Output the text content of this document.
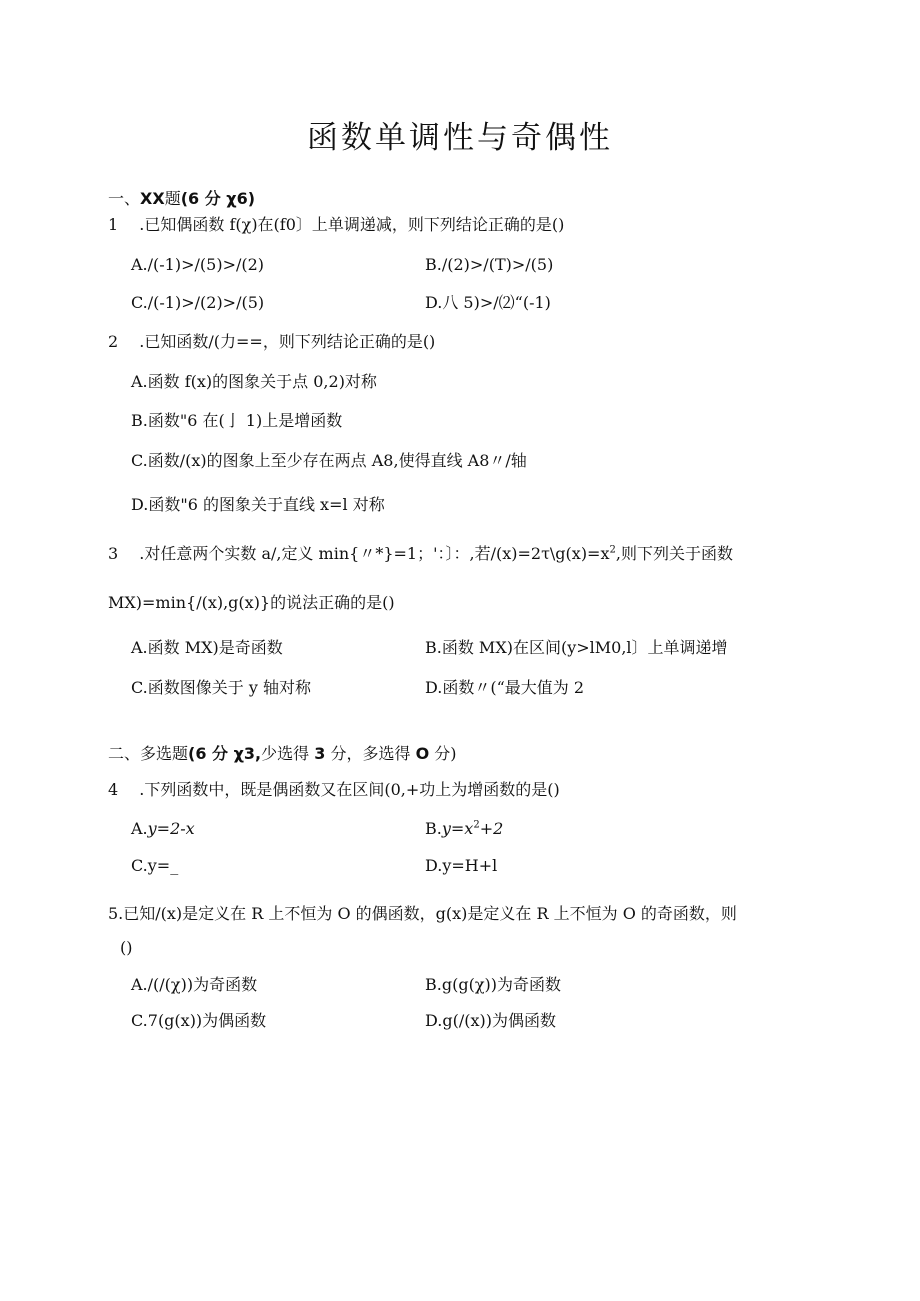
函数单调性与奇偶性
一、XX题(6 分 χ6)
1 .已知偶函数 f(χ)在(f0〕上单调递减，则下列结论正确的是()
A./(-1)>/(5)>/(2)	B./(2)>/(T)>/(5)
C./(-1)>/(2)>/(5)	D.八 5)>/⑵“(-1)
2 .已知函数/(力==，则下列结论正确的是()
A.函数 f(x)的图象关于点 0,2)对称
B.函数"6 在(亅 1)上是增函数
C.函数/(x)的图象上至少存在两点 A8,使得直线 A8〃/轴
D.函数"6 的图象关于直线 x=l 对称
3 .对任意两个实数 a/,定义 min{〃*}=1；'：〕：,若$/(x)=2\tau\backslash g(x)=x^2$,则下列关于函数
MX)=min{/(x),g(x)}的说法正确的是()
A.函数 MX)是奇函数	B.函数 MX)在区间(y>lM0,l〕上单调递增
C.函数图像关于 y 轴对称	D.函数〃(“最大值为 2
二、多选题(6 分 χ3,少选得 3 分，多选得 O 分)
4 .下列函数中，既是偶函数又在区间(0,+功上为增函数的是()
A.y=2-x	$B.y=x^2+2$
C.y=_	D.y=H+l
5.已知/(x)是定义在 R 上不恒为 O 的偶函数，g(x)是定义在 R 上不恒为 O 的奇函数，则
()
A./(/(χ))为奇函数	B.g(g(χ))为奇函数
C.7(g(x))为偶函数	D.g(/(x))为偶函数
